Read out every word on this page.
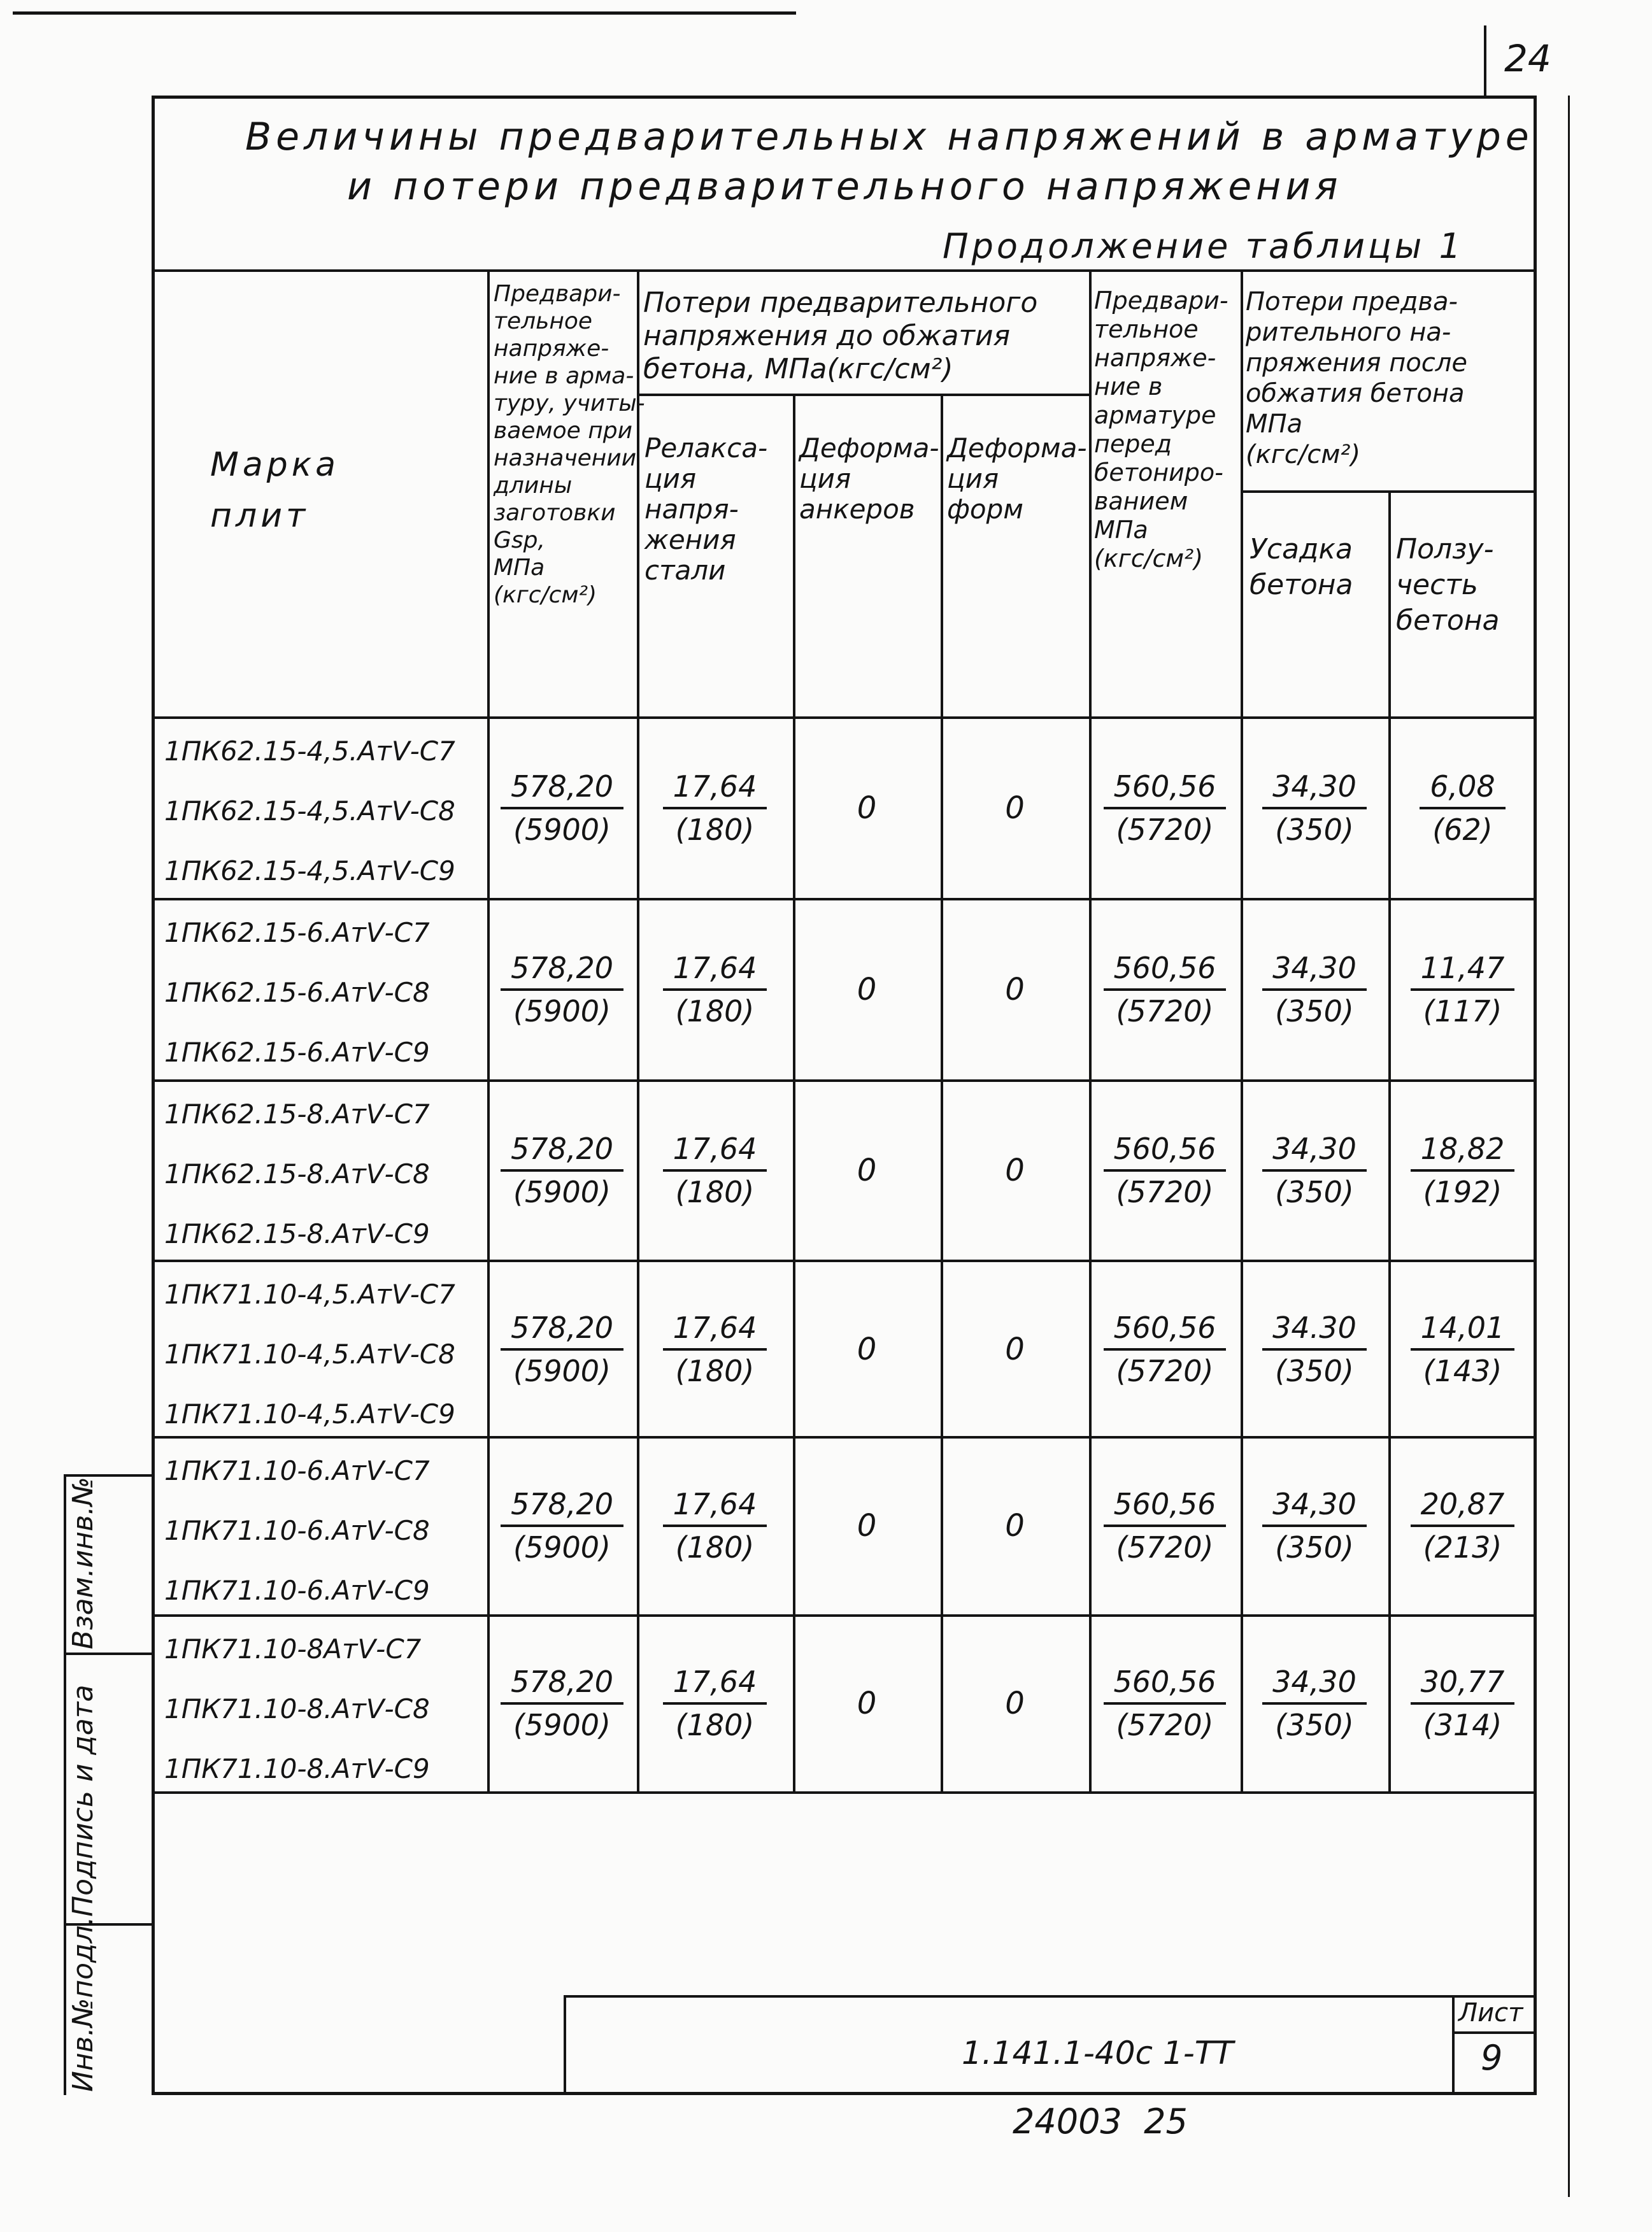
24
Величины предварительных напряжений в арматуре
и потери предварительного напряжения
Продолжение таблицы 1
Марка
плит
Предвари-
тельное
напряже-
ние в арма-
туру, учиты-
ваемое при
назначении
длины
заготовки
Gsp,
МПа
(кгс/см²)
Потери предварительного
напряжения до обжатия
бетона, МПа(кгс/см²)
Релакса-
ция
напря-
жения
стали
Деформа-
ция
анкеров
Деформа-
ция
форм
Предвари-
тельное
напряже-
ние в
арматуре
перед
бетониро-
ванием
МПа
(кгс/см²)
Потери предва-
рительного на-
пряжения после
обжатия бетона
МПа
(кгс/см²)
Усадка
бетона
Ползу-
честь
бетона
1ПК62.15-4,5.АтⅤ-С7
1ПК62.15-4,5.АтⅤ-С8
1ПК62.15-4,5.АтⅤ-С9
$\frac{578,20}{(5900)} \frac{17,64}{(180)}$	0	0	$\frac{560,56}{(5720)} \frac{34,30}{(350)} \frac{6,08}{(62)}$
1ПК62.15-6.АтⅤ-С7
1ПК62.15-6.АтⅤ-С8
1ПК62.15-6.АтⅤ-С9
$\frac{578,20}{(5900)} \frac{17,64}{(180)}$	0	0	$\frac{560,56}{(5720)} \frac{34,30}{(350)} \frac{11,47}{(117)}$
1ПК62.15-8.АтⅤ-С7
1ПК62.15-8.АтⅤ-С8
1ПК62.15-8.АтⅤ-С9
$\frac{578,20}{(5900)} \frac{17,64}{(180)}$	0	0	$\frac{560,56}{(5720)} \frac{34,30}{(350)} \frac{18,82}{(192)}$
1ПК71.10-4,5.АтⅤ-С7
1ПК71.10-4,5.АтⅤ-С8
1ПК71.10-4,5.АтⅤ-С9
$\frac{578,20}{(5900)} \frac{17,64}{(180)}$	0	0	$\frac{560,56}{(5720)} \frac{34.30}{(350)} \frac{14,01}{(143)}$
1ПК71.10-6.АтⅤ-С7
1ПК71.10-6.АтⅤ-С8
1ПК71.10-6.АтⅤ-С9
$\frac{578,20}{(5900)} \frac{17,64}{(180)}$	0	0	$\frac{560,56}{(5720)} \frac{34,30}{(350)} \frac{20,87}{(213)}$
1ПК71.10-8АтⅤ-С7
1ПК71.10-8.АтⅤ-С8
1ПК71.10-8.АтⅤ-С9
$\frac{578,20}{(5900)} \frac{17,64}{(180)}$	0	0	$\frac{560,56}{(5720)} \frac{34,30}{(350)} \frac{30,77}{(314)}$
1.141.1-40с 1-ТТ
Лист
9
24003  25
Взам.инв.№
Подпись и дата
Инв.№подл.
